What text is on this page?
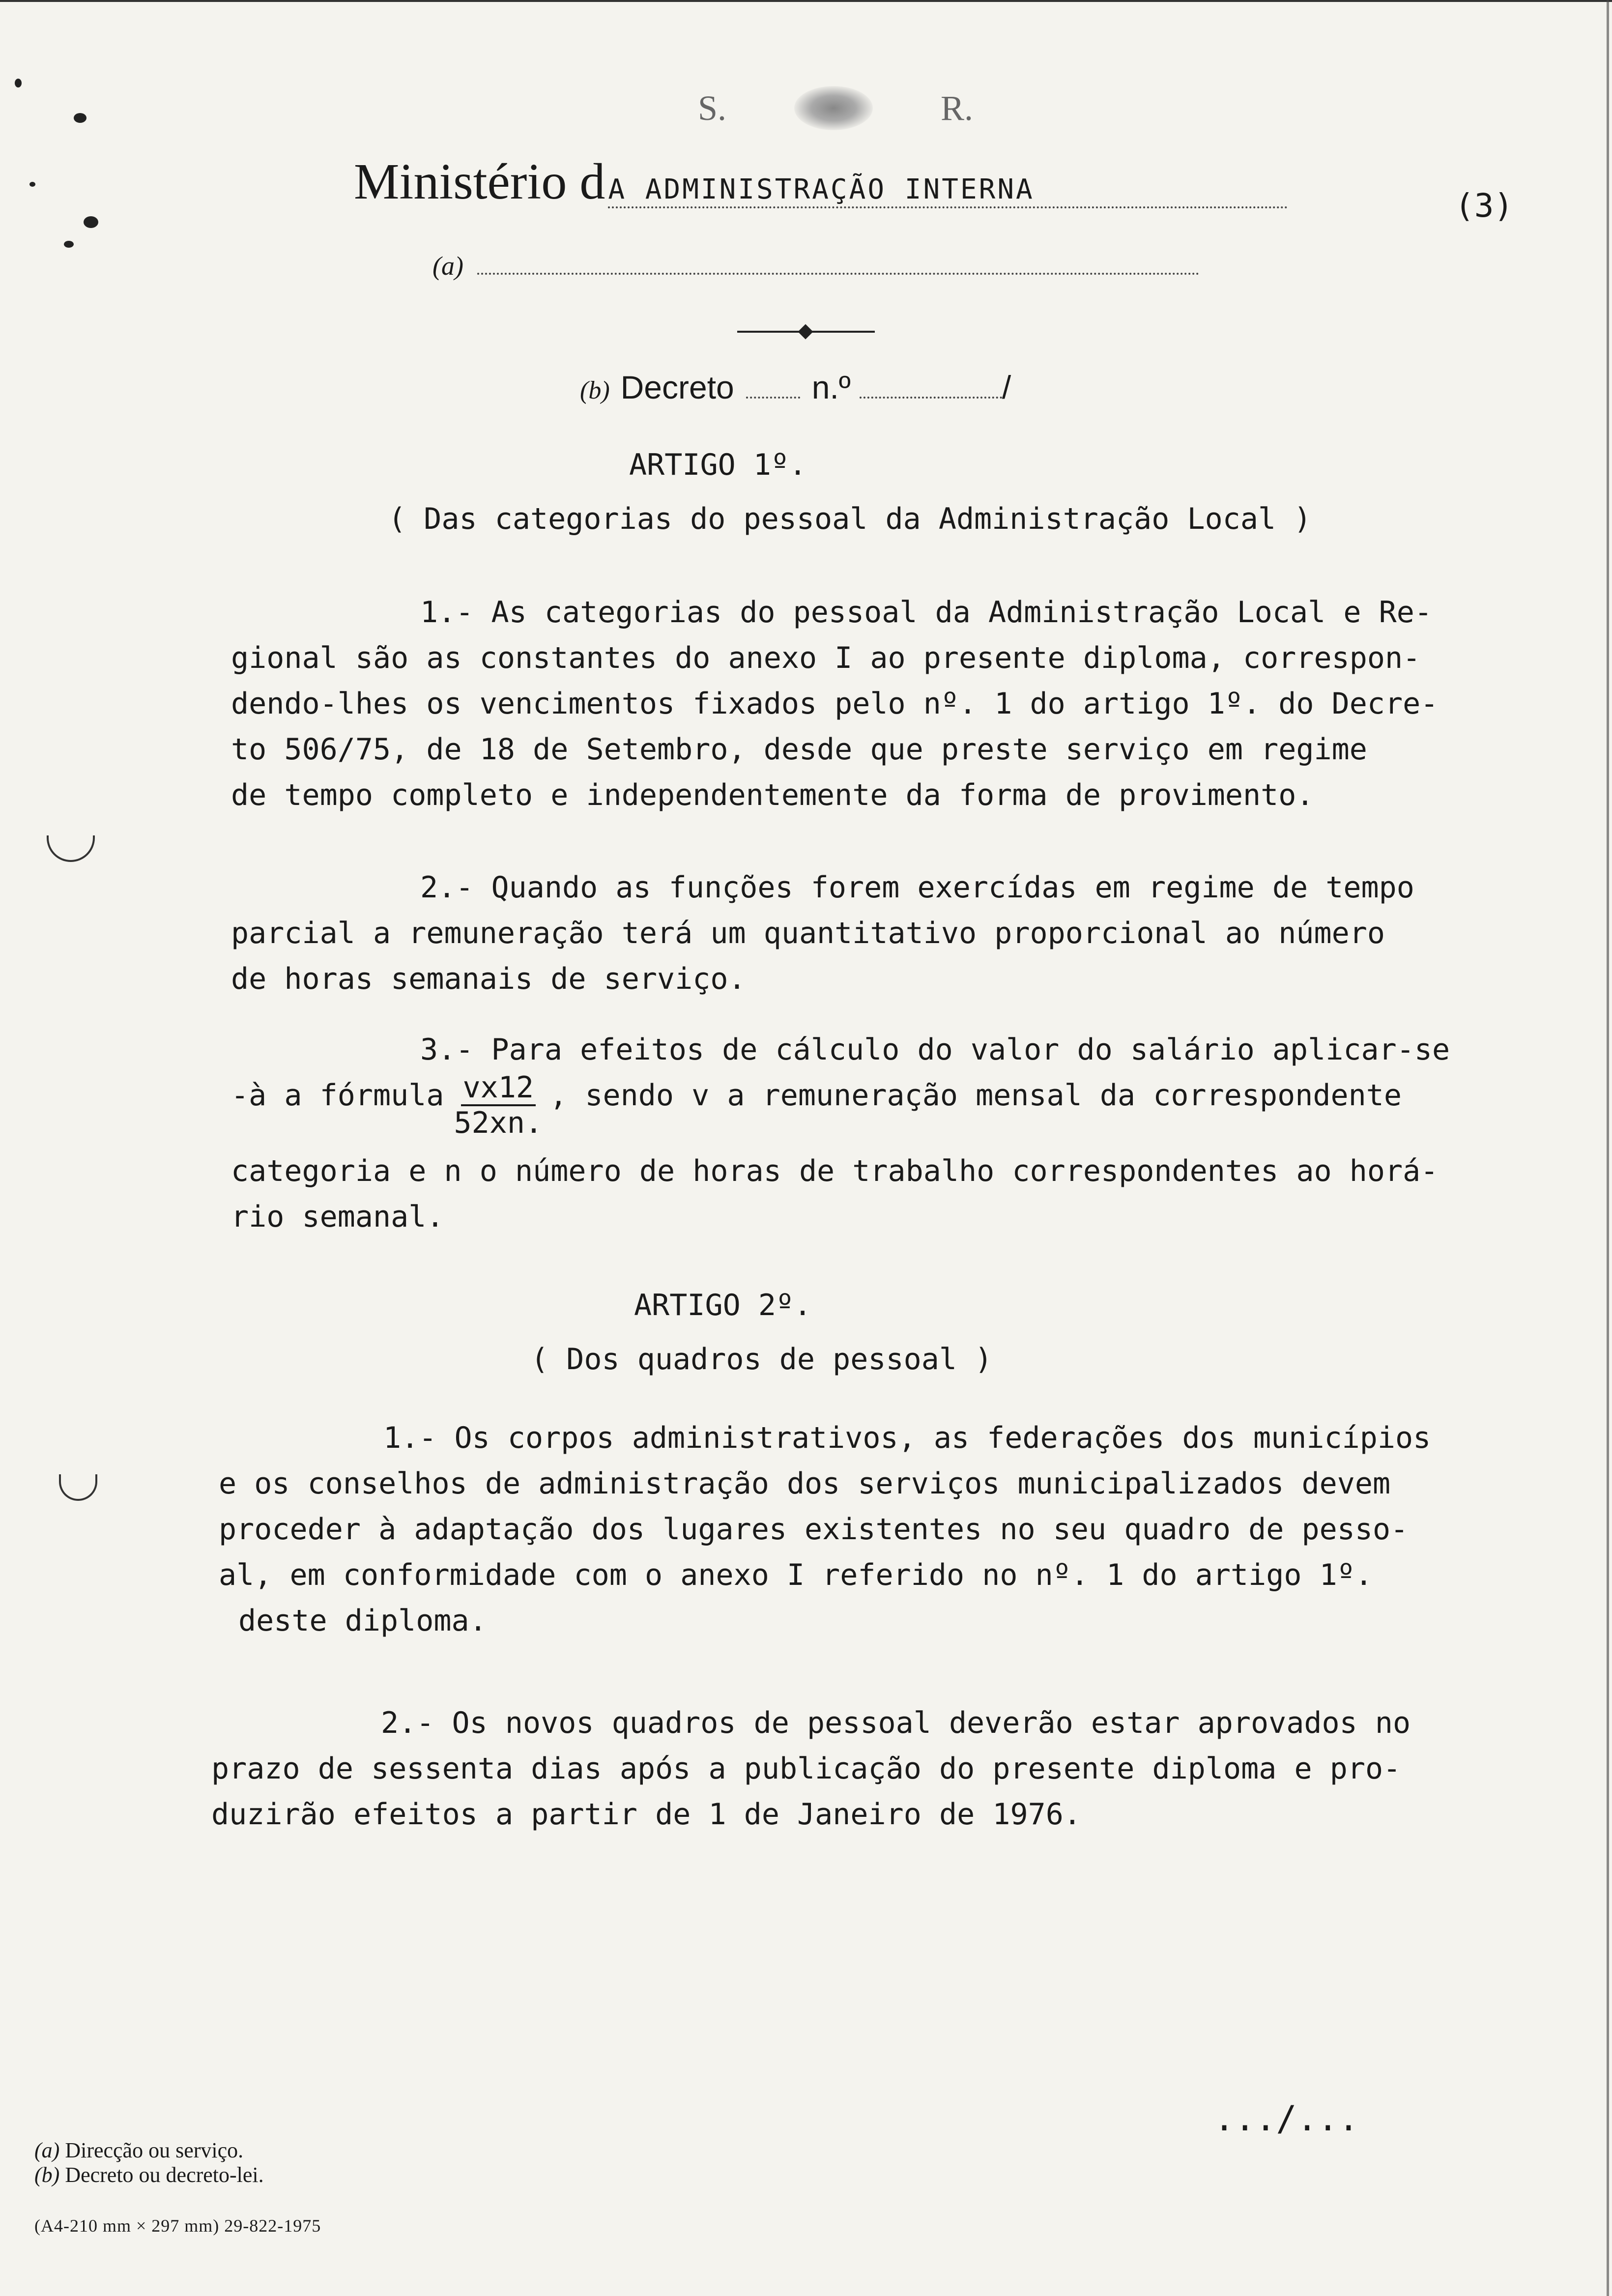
S.	R.
Ministério d A ADMINISTRAÇÃO INTERNA	(3)
(a)
(b) Decreto n.º	/
ARTIGO 1º.
( Das categorias do pessoal da Administração Local )
1.- As categorias do pessoal da Administração Local e Re-
gional são as constantes do anexo I ao presente diploma, correspon-
dendo-lhes os vencimentos fixados pelo nº. 1 do artigo 1º. do Decre-
to 506/75, de 18 de Setembro, desde que preste serviço em regime
de tempo completo e independentemente da forma de provimento.
2.- Quando as funções forem exercídas em regime de tempo
parcial a remuneração terá um quantitativo proporcional ao número
de horas semanais de serviço.
3.- Para efeitos de cálculo do valor do salário aplicar-se
-à a fórmula $\frac{vx12}{52xn.}$ , sendo v a remuneração mensal da correspondente
categoria e n o número de horas de trabalho correspondentes ao horá-
rio semanal.
ARTIGO 2º.
( Dos quadros de pessoal )
1.- Os corpos administrativos, as federações dos municípios
e os conselhos de administração dos serviços municipalizados devem
proceder à adaptação dos lugares existentes no seu quadro de pesso-
al, em conformidade com o anexo I referido no nº. 1 do artigo 1º.
deste diploma.
2.- Os novos quadros de pessoal deverão estar aprovados no
prazo de sessenta dias após a publicação do presente diploma e pro-
duzirão efeitos a partir de 1 de Janeiro de 1976.
.../...
(a) Direcção ou serviço.
(b) Decreto ou decreto-lei.
(A4-210 mm × 297 mm) 29-822-1975
